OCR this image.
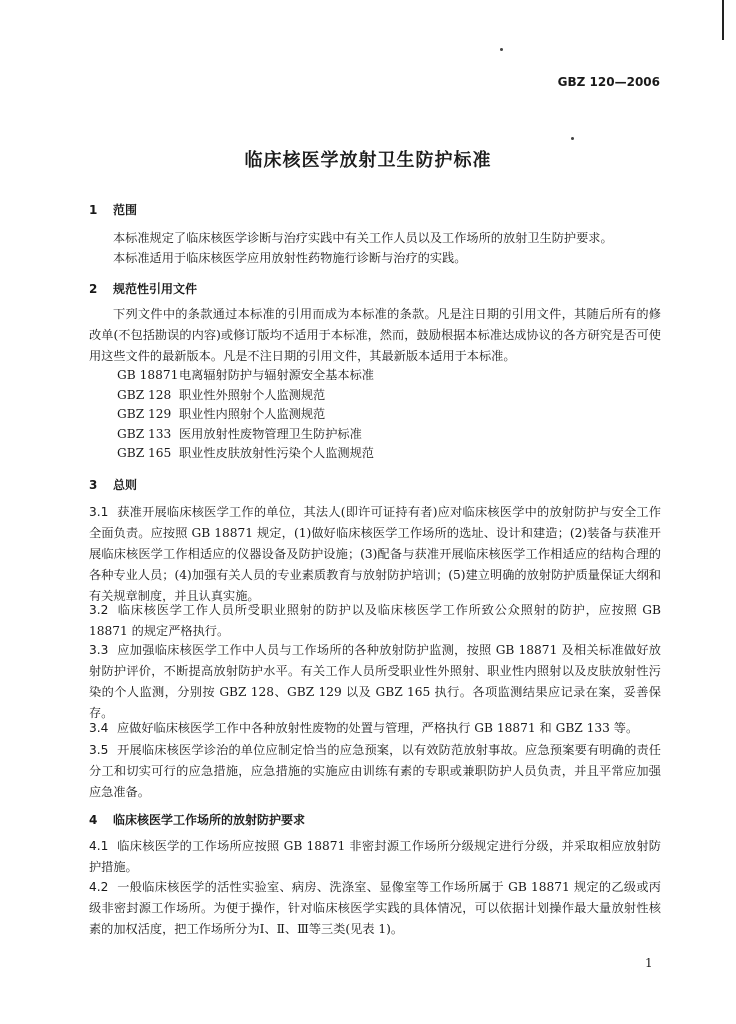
GBZ 120—2006
临床核医学放射卫生防护标准
1 范围

本标准规定了临床核医学诊断与治疗实践中有关工作人员以及工作场所的放射卫生防护要求。

本标准适用于临床核医学应用放射性药物施行诊断与治疗的实践。

2 规范性引用文件

下列文件中的条款通过本标准的引用而成为本标准的条款。凡是注日期的引用文件，其随后所有的修改单(不包括勘误的内容)或修订版均不适用于本标准，然而，鼓励根据本标准达成协议的各方研究是否可使用这些文件的最新版本。凡是不注日期的引用文件，其最新版本适用于本标准。

GB 18871电离辐射防护与辐射源安全基本标准
GBZ 128 职业性外照射个人监测规范
GBZ 129 职业性内照射个人监测规范
GBZ 133 医用放射性废物管理卫生防护标准
GBZ 165 职业性皮肤放射性污染个人监测规范
3 总则

3.1 获准开展临床核医学工作的单位，其法人(即许可证持有者)应对临床核医学中的放射防护与安全工作全面负责。应按照 GB 18871 规定，(1)做好临床核医学工作场所的选址、设计和建造；(2)装备与获准开展临床核医学工作相适应的仪器设备及防护设施；(3)配备与获准开展临床核医学工作相适应的结构合理的各种专业人员；(4)加强有关人员的专业素质教育与放射防护培训；(5)建立明确的放射防护质量保证大纲和有关规章制度，并且认真实施。

3.2 临床核医学工作人员所受职业照射的防护以及临床核医学工作所致公众照射的防护，应按照 GB 18871 的规定严格执行。

3.3 应加强临床核医学工作中人员与工作场所的各种放射防护监测，按照 GB 18871 及相关标准做好放射防护评价，不断提高放射防护水平。有关工作人员所受职业性外照射、职业性内照射以及皮肤放射性污染的个人监测，分别按 GBZ 128、GBZ 129 以及 GBZ 165 执行。各项监测结果应记录在案，妥善保存。

3.4 应做好临床核医学工作中各种放射性废物的处置与管理，严格执行 GB 18871 和 GBZ 133 等。

3.5 开展临床核医学诊治的单位应制定恰当的应急预案，以有效防范放射事故。应急预案要有明确的责任分工和切实可行的应急措施，应急措施的实施应由训练有素的专职或兼职防护人员负责，并且平常应加强应急准备。

4 临床核医学工作场所的放射防护要求

4.1 临床核医学的工作场所应按照 GB 18871 非密封源工作场所分级规定进行分级，并采取相应放射防护措施。

4.2 一般临床核医学的活性实验室、病房、洗涤室、显像室等工作场所属于 GB 18871 规定的乙级或丙级非密封源工作场所。为便于操作，针对临床核医学实践的具体情况，可以依据计划操作最大量放射性核素的加权活度，把工作场所分为Ⅰ、Ⅱ、Ⅲ等三类(见表 1)。

1
